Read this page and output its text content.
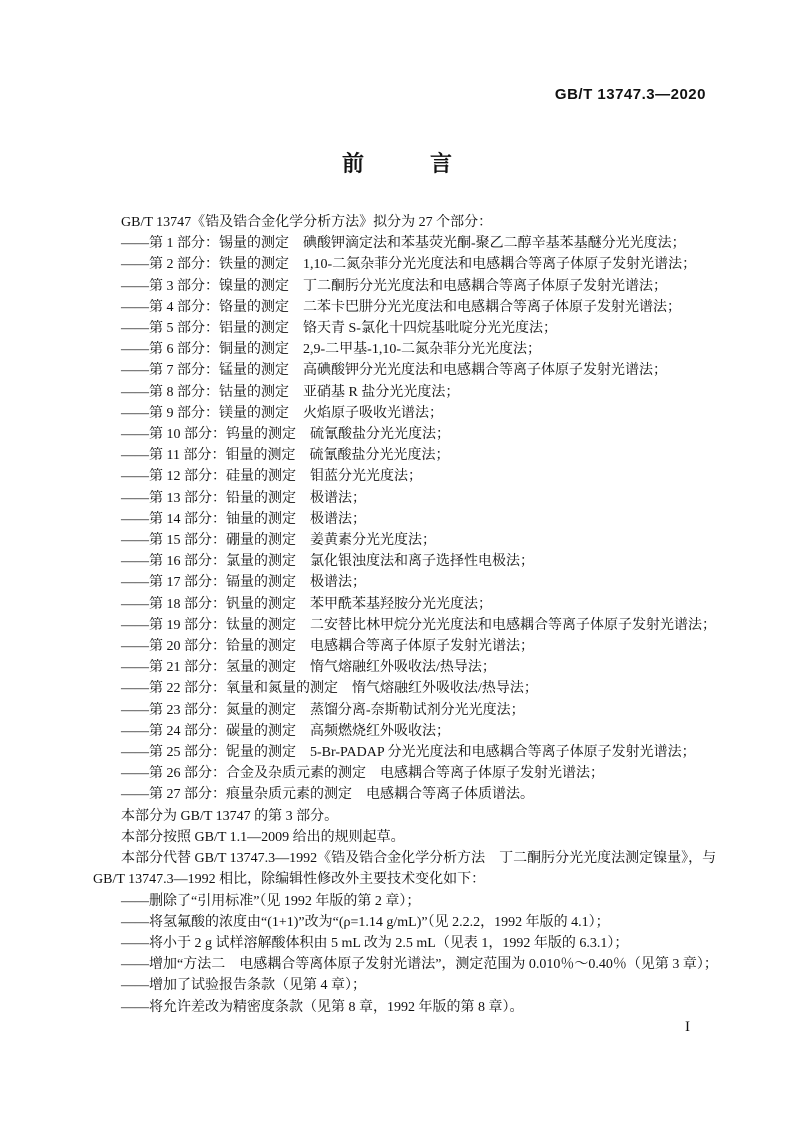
GB/T 13747.3—2020
前　　　言
GB/T 13747《锆及锆合金化学分析方法》拟分为 27 个部分：
——第 1 部分：锡量的测定　碘酸钾滴定法和苯基荧光酮-聚乙二醇辛基苯基醚分光光度法；
——第 2 部分：铁量的测定　1,10-二氮杂菲分光光度法和电感耦合等离子体原子发射光谱法；
——第 3 部分：镍量的测定　丁二酮肟分光光度法和电感耦合等离子体原子发射光谱法；
——第 4 部分：铬量的测定　二苯卡巴肼分光光度法和电感耦合等离子体原子发射光谱法；
——第 5 部分：铝量的测定　铬天青 S-氯化十四烷基吡啶分光光度法；
——第 6 部分：铜量的测定　2,9-二甲基-1,10-二氮杂菲分光光度法；
——第 7 部分：锰量的测定　高碘酸钾分光光度法和电感耦合等离子体原子发射光谱法；
——第 8 部分：钴量的测定　亚硝基 R 盐分光光度法；
——第 9 部分：镁量的测定　火焰原子吸收光谱法；
——第 10 部分：钨量的测定　硫氰酸盐分光光度法；
——第 11 部分：钼量的测定　硫氰酸盐分光光度法；
——第 12 部分：硅量的测定　钼蓝分光光度法；
——第 13 部分：铅量的测定　极谱法；
——第 14 部分：铀量的测定　极谱法；
——第 15 部分：硼量的测定　姜黄素分光光度法；
——第 16 部分：氯量的测定　氯化银浊度法和离子选择性电极法；
——第 17 部分：镉量的测定　极谱法；
——第 18 部分：钒量的测定　苯甲酰苯基羟胺分光光度法；
——第 19 部分：钛量的测定　二安替比林甲烷分光光度法和电感耦合等离子体原子发射光谱法；
——第 20 部分：铪量的测定　电感耦合等离子体原子发射光谱法；
——第 21 部分：氢量的测定　惰气熔融红外吸收法/热导法；
——第 22 部分：氧量和氮量的测定　惰气熔融红外吸收法/热导法；
——第 23 部分：氮量的测定　蒸馏分离-奈斯勒试剂分光光度法；
——第 24 部分：碳量的测定　高频燃烧红外吸收法；
——第 25 部分：铌量的测定　5-Br-PADAP 分光光度法和电感耦合等离子体原子发射光谱法；
——第 26 部分：合金及杂质元素的测定　电感耦合等离子体原子发射光谱法；
——第 27 部分：痕量杂质元素的测定　电感耦合等离子体质谱法。
本部分为 GB/T 13747 的第 3 部分。
本部分按照 GB/T 1.1—2009 给出的规则起草。
本部分代替 GB/T 13747.3—1992《锆及锆合金化学分析方法　丁二酮肟分光光度法测定镍量》，与
GB/T 13747.3—1992 相比，除编辑性修改外主要技术变化如下：
——删除了“引用标准”（见 1992 年版的第 2 章）；
——将氢氟酸的浓度由“(1+1)”改为“(ρ=1.14 g/mL)”（见 2.2.2，1992 年版的 4.1）；
——将小于 2 g 试样溶解酸体积由 5 mL 改为 2.5 mL（见表 1，1992 年版的 6.3.1）；
——增加“方法二　电感耦合等离体原子发射光谱法”，测定范围为 0.010％～0.40％（见第 3 章）；
——增加了试验报告条款（见第 4 章）；
——将允许差改为精密度条款（见第 8 章，1992 年版的第 8 章）。
I
